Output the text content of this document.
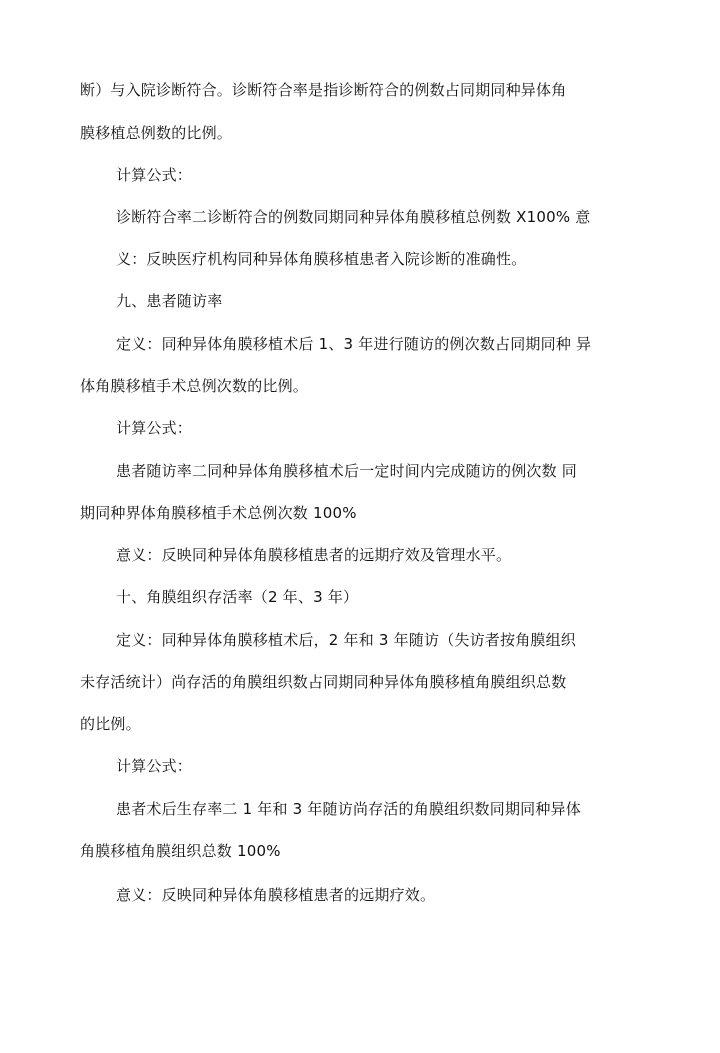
断）与入院诊断符合。诊断符合率是指诊断符合的例数占同期同种异体角
膜移植总例数的比例。
计算公式：
诊断符合率二诊断符合的例数同期同种异体角膜移植总例数 X100% 意
义：反映医疗机构同种异体角膜移植患者入院诊断的准确性。
九、患者随访率
定义：同种异体角膜移植术后 1、3 年进行随访的例次数占同期同种 异
体角膜移植手术总例次数的比例。
计算公式：
患者随访率二同种异体角膜移植术后一定时间内完成随访的例次数 同
期同种界体角膜移植手术总例次数 100%
意义：反映同种异体角膜移植患者的远期疗效及管理水平。
十、角膜组织存活率（2 年、3 年）
定义：同种异体角膜移植术后，2 年和 3 年随访（失访者按角膜组织
未存活统计）尚存活的角膜组织数占同期同种异体角膜移植角膜组织总数
的比例。
计算公式：
患者术后生存率二 1 年和 3 年随访尚存活的角膜组织数同期同种异体
角膜移植角膜组织总数 100%
意义：反映同种异体角膜移植患者的远期疗效。
